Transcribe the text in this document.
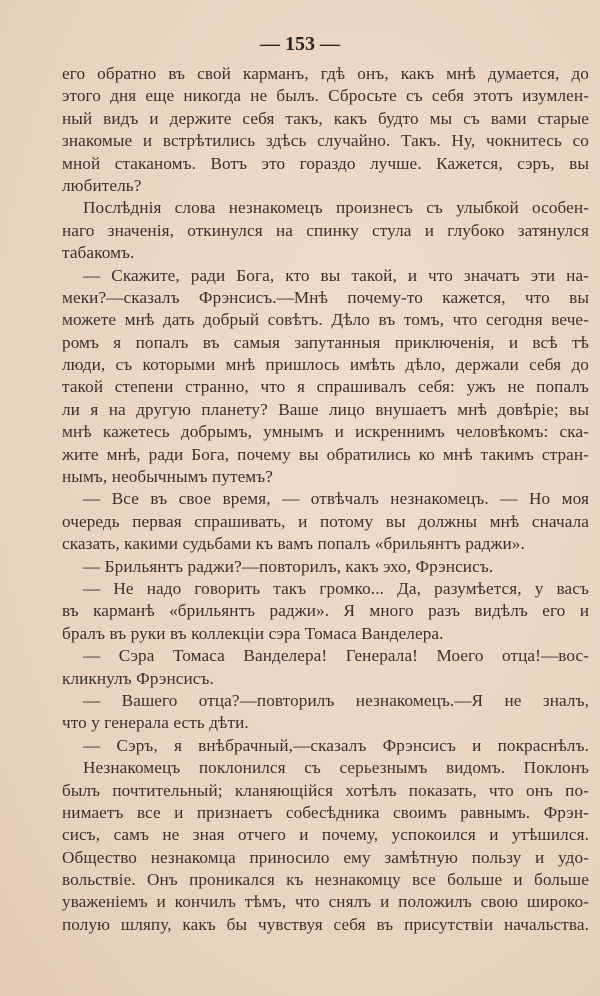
— 153 —
его обратно въ свой карманъ, гдѣ онъ, какъ мнѣ думается, до
этого дня еще никогда не былъ. Сбросьте съ себя этотъ изумлен-
ный видъ и держите себя такъ, какъ будто мы съ вами старые
знакомые и встрѣтились здѣсь случайно. Такъ. Ну, чокнитесь со
мной стаканомъ. Вотъ это гораздо лучше. Кажется, сэръ, вы
любитель?
Послѣднія слова незнакомецъ произнесъ съ улыбкой особен-
наго значенія, откинулся на спинку стула и глубоко затянулся
табакомъ.
— Скажите, ради Бога, кто вы такой, и что значатъ эти на-
меки?—сказалъ Фрэнсисъ.—Мнѣ почему-то кажется, что вы
можете мнѣ дать добрый совѣтъ. Дѣло въ томъ, что сегодня вече-
ромъ я попалъ въ самыя запутанныя приключенія, и всѣ тѣ
люди, съ которыми мнѣ пришлось имѣть дѣло, держали себя до
такой степени странно, что я спрашивалъ себя: ужъ не попалъ
ли я на другую планету? Ваше лицо внушаетъ мнѣ довѣріе; вы
мнѣ кажетесь добрымъ, умнымъ и искреннимъ человѣкомъ: ска-
жите мнѣ, ради Бога, почему вы обратились ко мнѣ такимъ стран-
нымъ, необычнымъ путемъ?
— Все въ свое время, — отвѣчалъ незнакомецъ. — Но моя
очередь первая спрашивать, и потому вы должны мнѣ сначала
сказать, какими судьбами къ вамъ попалъ «брильянтъ раджи».
— Брильянтъ раджи?—повторилъ, какъ эхо, Фрэнсисъ.
— Не надо говорить такъ громко... Да, разумѣется, у васъ
въ карманѣ «брильянтъ раджи». Я много разъ видѣлъ его и
бралъ въ руки въ коллекціи сэра Томаса Ванделера.
— Сэра Томаса Ванделера! Генерала! Моего отца!—вос-
кликнулъ Фрэнсисъ.
— Вашего отца?—повторилъ незнакомецъ.—Я не зналъ,
что у генерала есть дѣти.
— Сэръ, я внѣбрачный,—сказалъ Фрэнсисъ и покраснѣлъ.
Незнакомецъ поклонился съ серьезнымъ видомъ. Поклонъ
былъ почтительный; кланяющійся хотѣлъ показать, что онъ по-
нимаетъ все и признаетъ собесѣдника своимъ равнымъ. Фрэн-
сисъ, самъ не зная отчего и почему, успокоился и утѣшился.
Общество незнакомца приносило ему замѣтную пользу и удо-
вольствіе. Онъ проникался къ незнакомцу все больше и больше
уваженіемъ и кончилъ тѣмъ, что снялъ и положилъ свою широко-
полую шляпу, какъ бы чувствуя себя въ присутствіи начальства.
